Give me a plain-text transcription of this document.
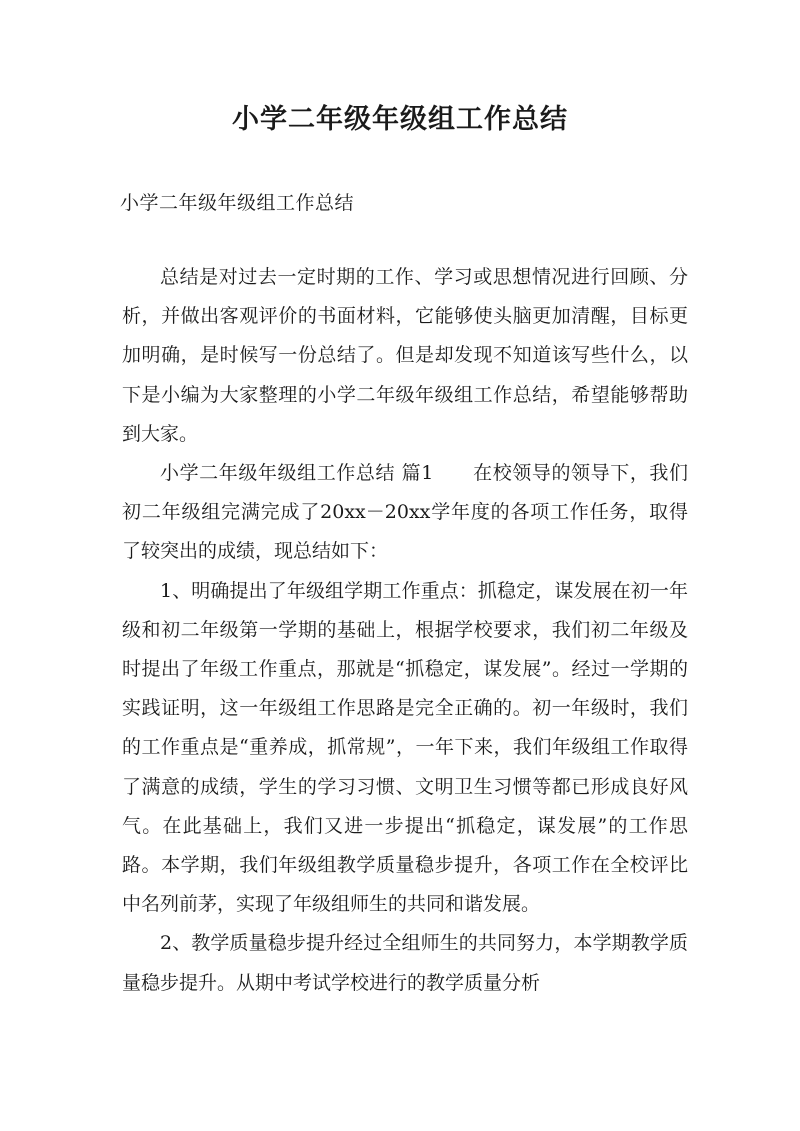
小学二年级年级组工作总结
小学二年级年级组工作总结

总结是对过去一定时期的工作、学习或思想情况进行回顾、分析，并做出客观评价的书面材料，它能够使头脑更加清醒，目标更加明确，是时候写一份总结了。但是却发现不知道该写些什么，以下是小编为大家整理的小学二年级年级组工作总结，希望能够帮助到大家。

小学二年级年级组工作总结 篇1　　在校领导的领导下，我们初二年级组完满完成了20xx－20xx学年度的各项工作任务，取得了较突出的成绩，现总结如下：

1、明确提出了年级组学期工作重点：抓稳定，谋发展在初一年级和初二年级第一学期的基础上，根据学校要求，我们初二年级及时提出了年级工作重点，那就是“抓稳定，谋发展”。经过一学期的实践证明，这一年级组工作思路是完全正确的。初一年级时，我们的工作重点是“重养成，抓常规”，一年下来，我们年级组工作取得了满意的成绩，学生的学习习惯、文明卫生习惯等都已形成良好风气。在此基础上，我们又进一步提出“抓稳定，谋发展”的工作思路。本学期，我们年级组教学质量稳步提升，各项工作在全校评比中名列前茅，实现了年级组师生的共同和谐发展。

2、教学质量稳步提升经过全组师生的共同努力，本学期教学质量稳步提升。从期中考试学校进行的教学质量分析
